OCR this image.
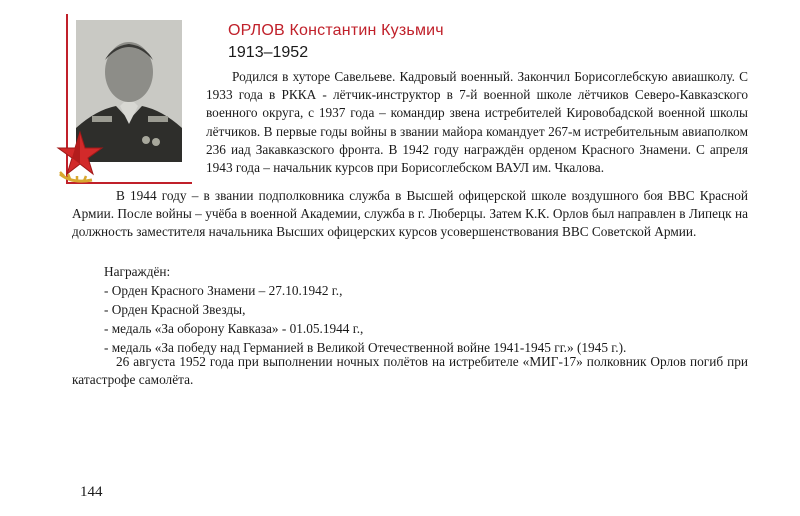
ОРЛОВ Константин Кузьмич
1913–1952
Родился в хуторе Савельеве. Кадровый военный. Закончил Борисоглебскую авиашколу. С 1933 года в РККА - лётчик-инструктор в 7-й военной школе лётчиков Северо-Кавказского военного округа, с 1937 года – командир звена истребителей Кировобадской военной школы лётчиков. В первые годы войны в звании майора командует 267-м истребительным авиаполком 236 иад Закавказского фронта. В 1942 году награждён орденом Красного Знамени. С апреля 1943 года – начальник курсов при Борисоглебском ВАУЛ им. Чкалова.
В 1944 году – в звании подполковника служба в Высшей офицерской школе воздушного боя ВВС Красной Армии. После войны – учёба в военной Академии, служба в г. Люберцы. Затем К.К. Орлов был направлен в Липецк на должность заместителя начальника Высших офицерских курсов усовершенствования ВВС Советской Армии.
Награждён:
- Орден Красного Знамени – 27.10.1942 г.,
- Орден Красной Звезды,
- медаль «За оборону Кавказа» - 01.05.1944 г.,
- медаль «За победу над Германией в Великой Отечественной войне 1941-1945 гг.» (1945 г.).
26 августа 1952 года при выполнении ночных полётов на истребителе «МИГ-17» полковник Орлов погиб при катастрофе самолёта.
144
